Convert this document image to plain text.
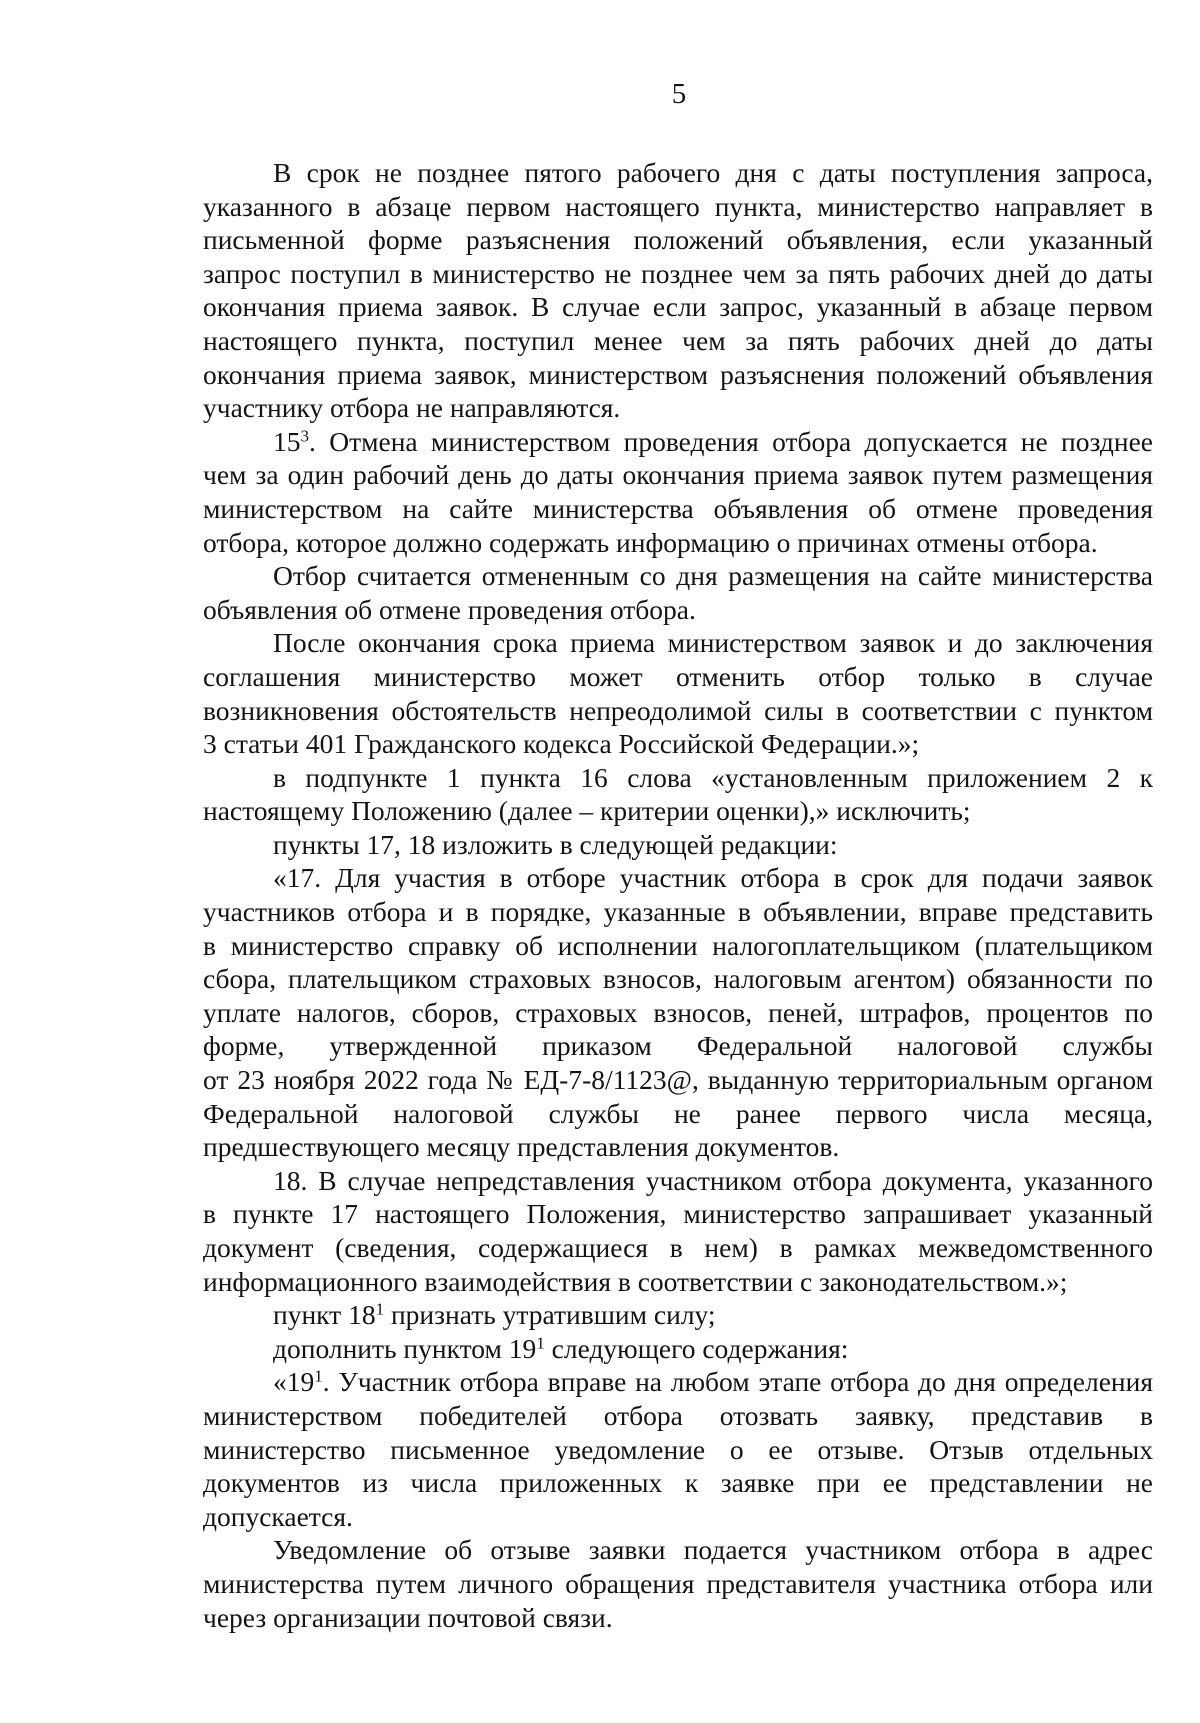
5
В срок не позднее пятого рабочего дня с даты поступления запроса,
указанного в абзаце первом настоящего пункта, министерство направляет в
письменной форме разъяснения положений объявления, если указанный
запрос поступил в министерство не позднее чем за пять рабочих дней до даты
окончания приема заявок. В случае если запрос, указанный в абзаце первом
настоящего пункта, поступил менее чем за пять рабочих дней до даты
окончания приема заявок, министерством разъяснения положений объявления
участнику отбора не направляются.
$15^3$. Отмена министерством проведения отбора допускается не позднее
чем за один рабочий день до даты окончания приема заявок путем размещения
министерством на сайте министерства объявления об отмене проведения
отбора, которое должно содержать информацию о причинах отмены отбора.
Отбор считается отмененным со дня размещения на сайте министерства
объявления об отмене проведения отбора.
После окончания срока приема министерством заявок и до заключения
соглашения министерство может отменить отбор только в случае
возникновения обстоятельств непреодолимой силы в соответствии с пунктом
3 статьи 401 Гражданского кодекса Российской Федерации.»;
в подпункте 1 пункта 16 слова «установленным приложением 2 к
настоящему Положению (далее – критерии оценки),» исключить;
пункты 17, 18 изложить в следующей редакции:
«17. Для участия в отборе участник отбора в срок для подачи заявок
участников отбора и в порядке, указанные в объявлении, вправе представить
в министерство справку об исполнении налогоплательщиком (плательщиком
сбора, плательщиком страховых взносов, налоговым агентом) обязанности по
уплате налогов, сборов, страховых взносов, пеней, штрафов, процентов по
форме, утвержденной приказом Федеральной налоговой службы
от 23 ноября 2022 года № ЕД-7-8/1123@, выданную территориальным органом
Федеральной налоговой службы не ранее первого числа месяца,
предшествующего месяцу представления документов.
18. В случае непредставления участником отбора документа, указанного
в пункте 17 настоящего Положения, министерство запрашивает указанный
документ (сведения, содержащиеся в нем) в рамках межведомственного
информационного взаимодействия в соответствии с законодательством.»;
пункт $18^1$ признать утратившим силу;
дополнить пунктом $19^1$ следующего содержания:
«$19^1$. Участник отбора вправе на любом этапе отбора до дня определения
министерством победителей отбора отозвать заявку, представив в
министерство письменное уведомление о ее отзыве. Отзыв отдельных
документов из числа приложенных к заявке при ее представлении не
допускается.
Уведомление об отзыве заявки подается участником отбора в адрес
министерства путем личного обращения представителя участника отбора или
через организации почтовой связи.
